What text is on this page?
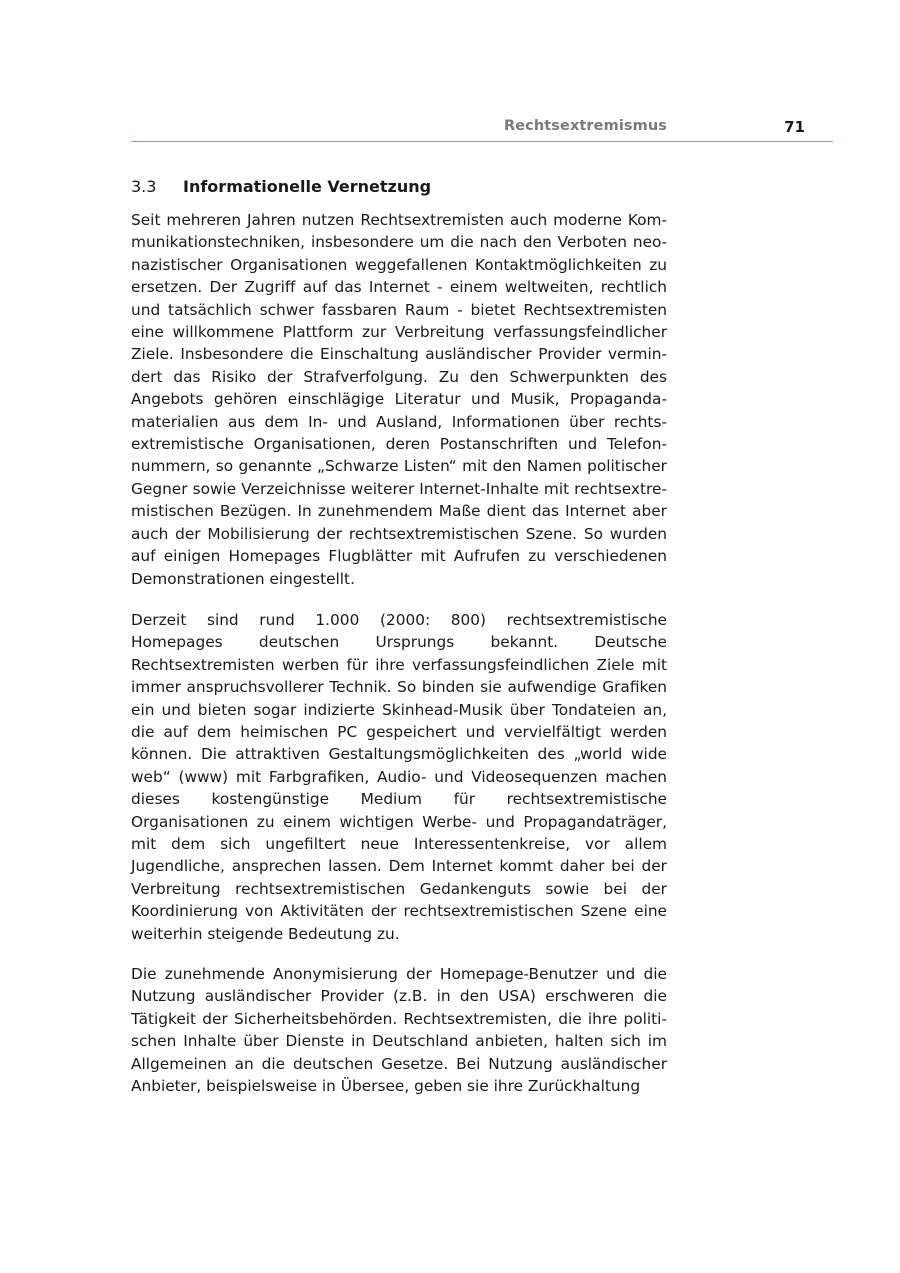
Rechtsextremismus	71
3.3 Informationelle Vernetzung

Seit mehreren Jahren nutzen Rechtsextremisten auch moderne Kommunikationstechniken, insbesondere um die nach den Verboten neonazistischer Organisationen weggefallenen Kontaktmöglichkeiten zu ersetzen. Der Zugriff auf das Internet - einem weltweiten, rechtlich und tatsächlich schwer fassbaren Raum - bietet Rechtsextremisten eine willkommene Plattform zur Verbreitung verfassungsfeindlicher Ziele. Insbesondere die Einschaltung ausländischer Provider vermindert das Risiko der Strafverfolgung. Zu den Schwerpunkten des Angebots gehören einschlägige Literatur und Musik, Propagandamaterialien aus dem In- und Ausland, Informationen über rechtsextremistische Organisationen, deren Postanschriften und Telefonnummern, so genannte „Schwarze Listen“ mit den Namen politischer Gegner sowie Verzeichnisse weiterer Internet-Inhalte mit rechtsextremistischen Bezügen. In zunehmendem Maße dient das Internet aber auch der Mobilisierung der rechtsextremistischen Szene. So wurden auf einigen Homepages Flugblätter mit Aufrufen zu verschiedenen Demonstrationen eingestellt.

Derzeit sind rund 1.000 (2000: 800) rechtsextremistische Homepages deutschen Ursprungs bekannt. Deutsche Rechtsextremisten werben für ihre verfassungsfeindlichen Ziele mit immer anspruchsvollerer Technik. So binden sie aufwendige Grafiken ein und bieten sogar indizierte Skinhead-Musik über Tondateien an, die auf dem heimischen PC gespeichert und vervielfältigt werden können. Die attraktiven Gestaltungsmöglichkeiten des „world wide web“ (www) mit Farbgrafiken, Audio- und Videosequenzen machen dieses kostengünstige Medium für rechtsextremistische Organisationen zu einem wichtigen Werbe- und Propagandaträger, mit dem sich ungefiltert neue Interessentenkreise, vor allem Jugendliche, ansprechen lassen. Dem Internet kommt daher bei der Verbreitung rechtsextremistischen Gedankenguts sowie bei der Koordinierung von Aktivitäten der rechtsextremistischen Szene eine weiterhin steigende Bedeutung zu.

Die zunehmende Anonymisierung der Homepage-Benutzer und die Nutzung ausländischer Provider (z.B. in den USA) erschweren die Tätigkeit der Sicherheitsbehörden. Rechtsextremisten, die ihre politischen Inhalte über Dienste in Deutschland anbieten, halten sich im Allgemeinen an die deutschen Gesetze. Bei Nutzung ausländischer Anbieter, beispielsweise in Übersee, geben sie ihre Zurückhaltung
